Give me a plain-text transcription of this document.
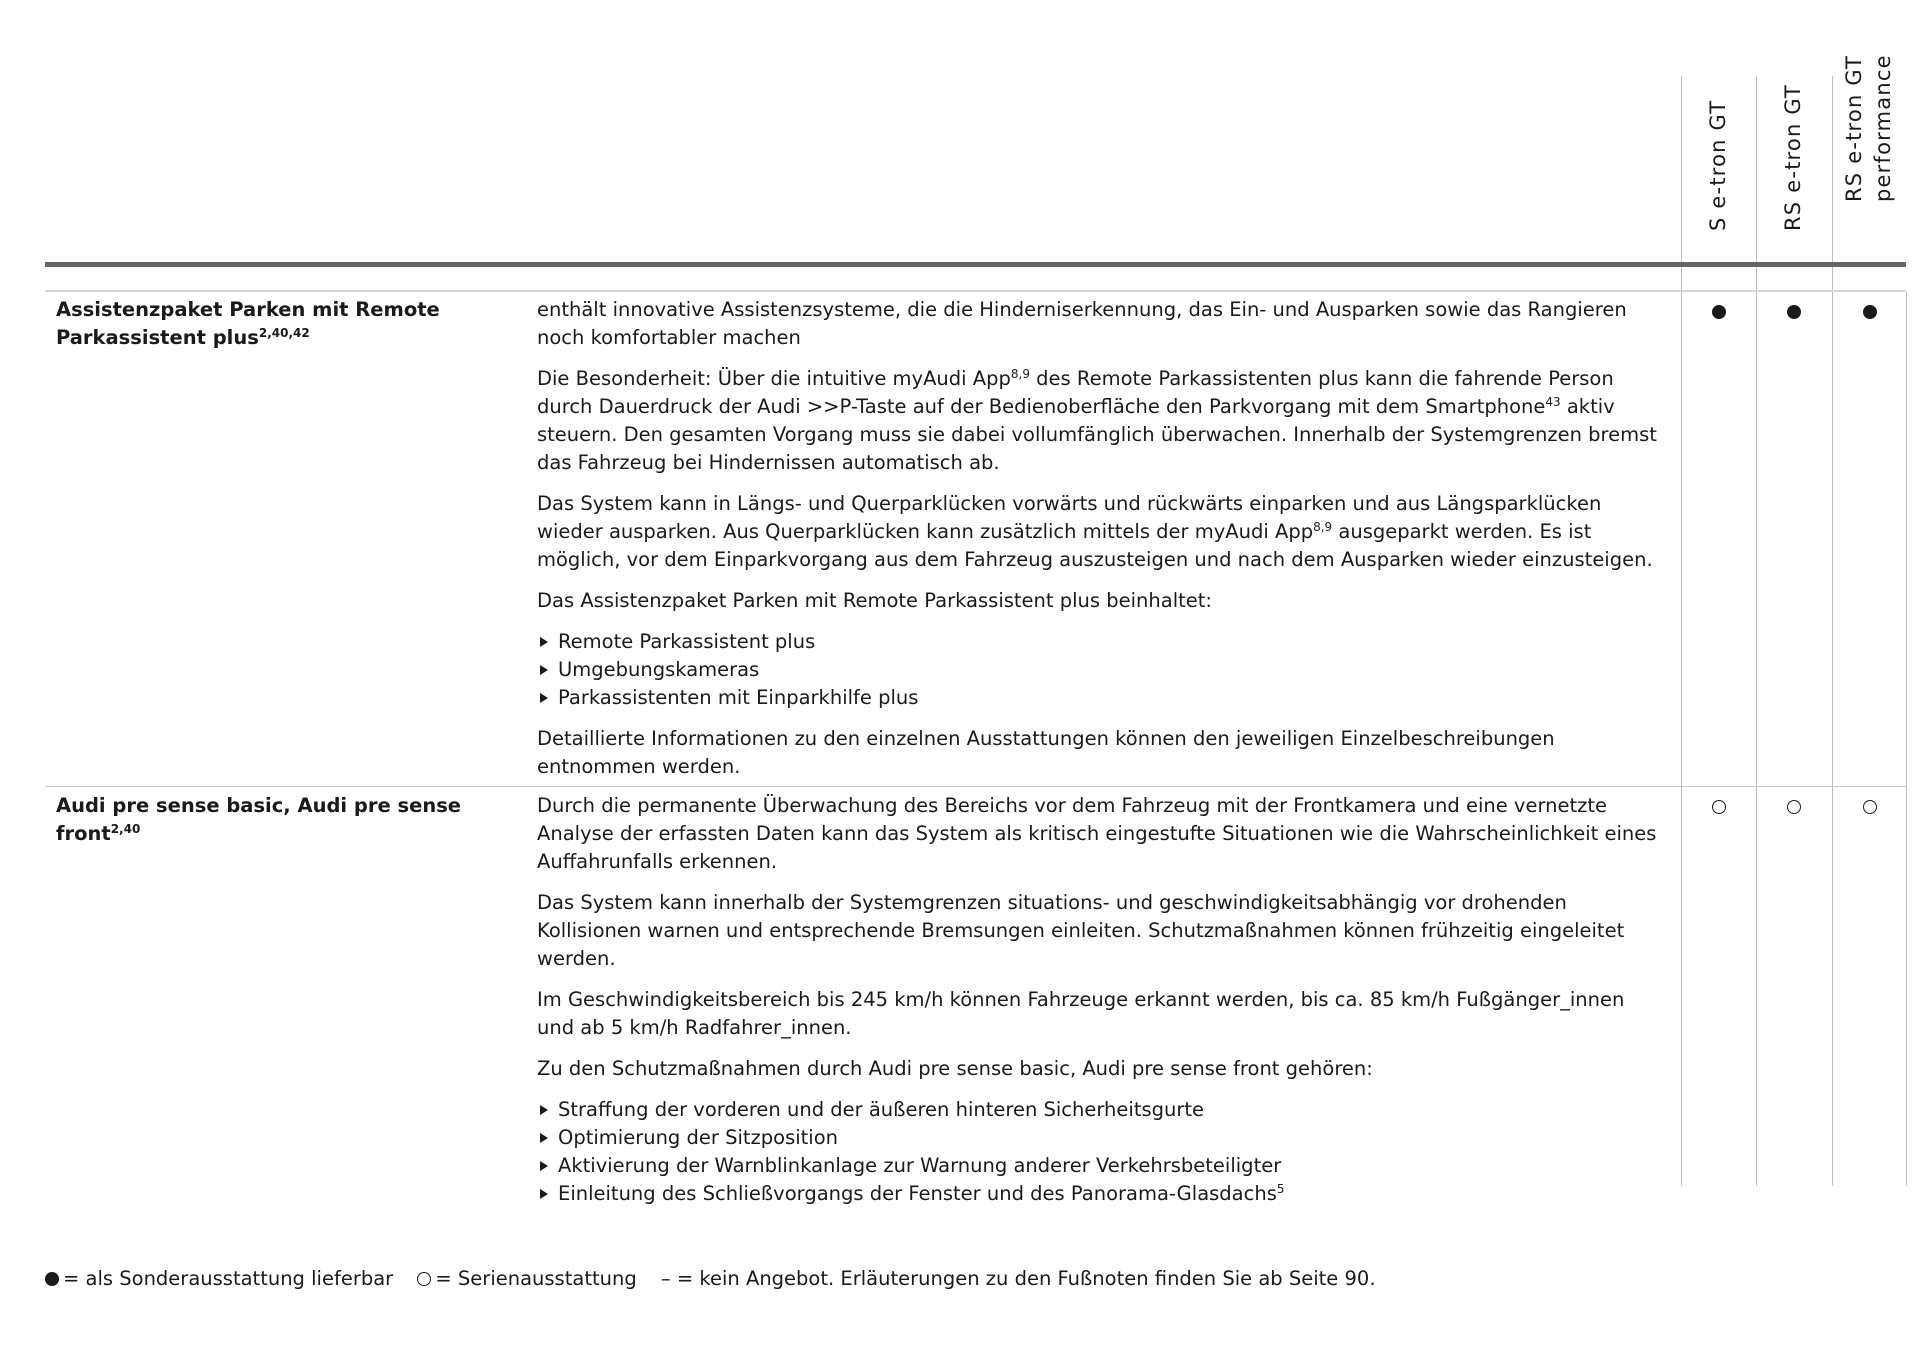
S e-tron GT RS e-tron GT RS e-tron GT performance
Assistenzpaket Parken mit Remote Parkassistent plus$^{2,40,42}$

enthält innovative Assistenzsysteme, die die Hinderniserkennung, das Ein- und Ausparken sowie das Rangieren noch komfortabler machen

Die Besonderheit: Über die intuitive myAudi App$^{8,9}$ des Remote Parkassistenten plus kann die fahrende Person durch Dauerdruck der Audi >>P-Taste auf der Bedienoberfläche den Parkvorgang mit dem Smartphone$^{43}$ aktiv steuern. Den gesamten Vorgang muss sie dabei vollumfänglich überwachen. Innerhalb der Systemgrenzen bremst das Fahrzeug bei Hindernissen automatisch ab.

Das System kann in Längs- und Querparklücken vorwärts und rückwärts einparken und aus Längsparklücken wieder ausparken. Aus Querparklücken kann zusätzlich mittels der myAudi App$^{8,9}$ ausgeparkt werden. Es ist möglich, vor dem Einparkvorgang aus dem Fahrzeug auszusteigen und nach dem Ausparken wieder einzusteigen.

Das Assistenzpaket Parken mit Remote Parkassistent plus beinhaltet:

Remote Parkassistent plus
Umgebungskameras
Parkassistenten mit Einparkhilfe plus

Detaillierte Informationen zu den einzelnen Ausstattungen können den jeweiligen Einzelbeschreibungen entnommen werden.

Audi pre sense basic, Audi pre sense front$^{2,40}$

Durch die permanente Überwachung des Bereichs vor dem Fahrzeug mit der Frontkamera und eine vernetzte Analyse der erfassten Daten kann das System als kritisch eingestufte Situationen wie die Wahrscheinlichkeit eines Auffahrunfalls erkennen.

Das System kann innerhalb der Systemgrenzen situations- und geschwindigkeitsabhängig vor drohenden Kollisionen warnen und entsprechende Bremsungen einleiten. Schutzmaßnahmen können frühzeitig eingeleitet werden.

Im Geschwindigkeitsbereich bis 245 km/h können Fahrzeuge erkannt werden, bis ca. 85 km/h Fußgänger_innen und ab 5 km/h Radfahrer_innen.

Zu den Schutzmaßnahmen durch Audi pre sense basic, Audi pre sense front gehören:

Straffung der vorderen und der äußeren hinteren Sicherheitsgurte
Optimierung der Sitzposition
Aktivierung der Warnblinkanlage zur Warnung anderer Verkehrsbeteiligter
Einleitung des Schließvorgangs der Fenster und des Panorama-Glasdachs$^5$
= als Sonderausstattung lieferbar = Serienausstattung – = kein Angebot. Erläuterungen zu den Fußnoten finden Sie ab Seite 90.
